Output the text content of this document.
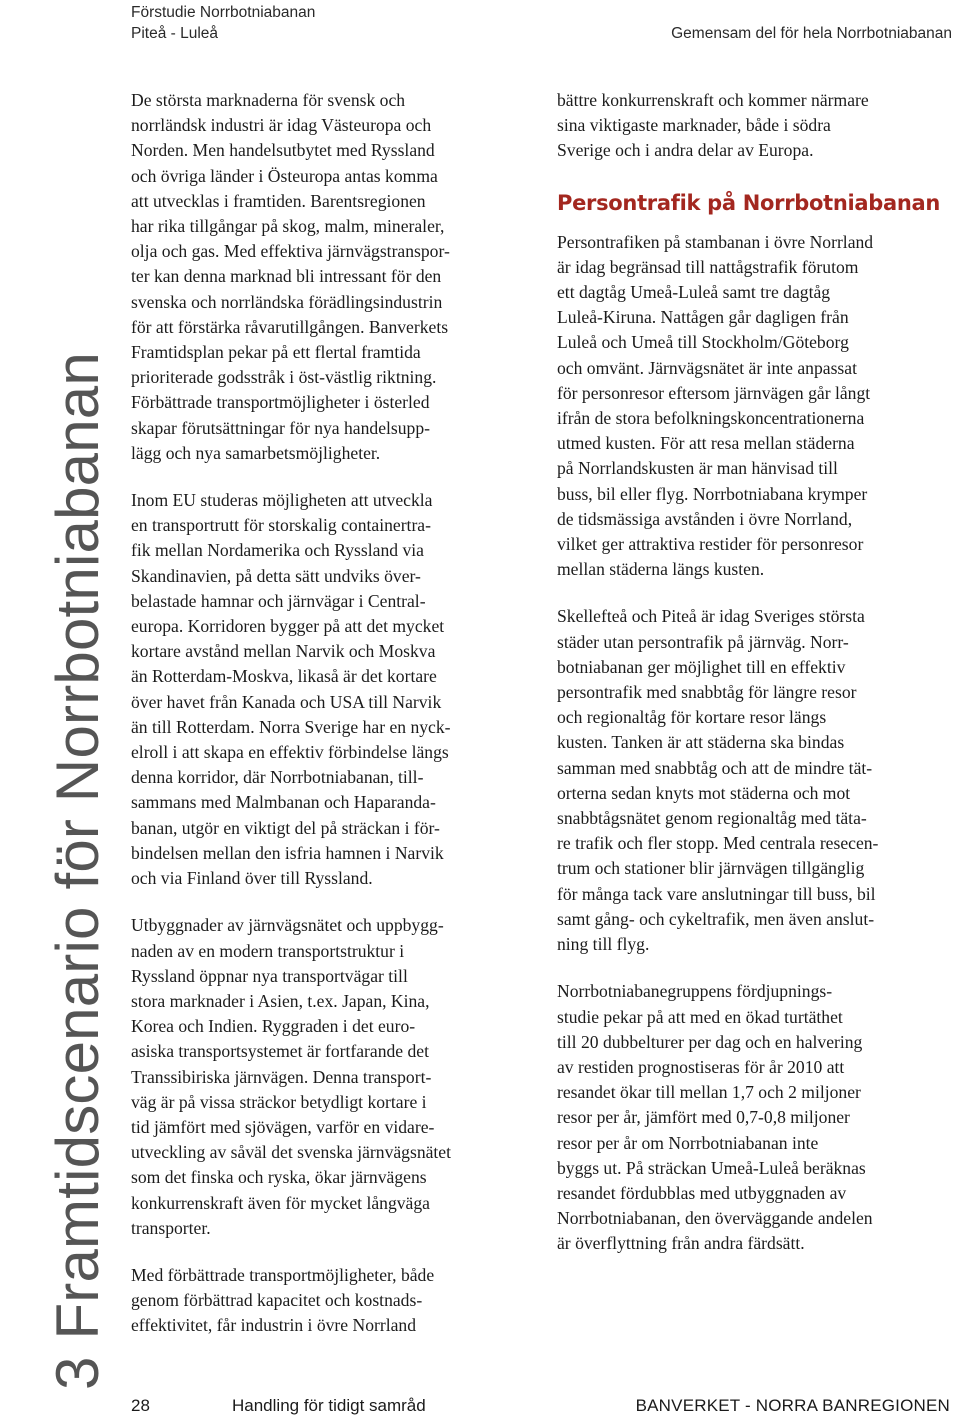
Förstudie Norrbotniabanan
Piteå - Luleå	Gemensam del för hela Norrbotniabanan
3 Framtidscenario för Norrbotniabanan

De största marknaderna för svensk och
norrländsk industri är idag Västeuropa och
Norden. Men handelsutbytet med Ryssland
och övriga länder i Östeuropa antas komma
att utvecklas i framtiden. Barentsregionen
har rika tillgångar på skog, malm, mineraler,
olja och gas. Med effektiva järnvägstranspor-
ter kan denna marknad bli intressant för den
svenska och norrländska förädlingsindustrin
för att förstärka råvarutillgången. Banverkets
Framtidsplan pekar på ett flertal framtida
prioriterade godsstråk i öst-västlig riktning.
Förbättrade transportmöjligheter i österled
skapar förutsättningar för nya handelsupp-
lägg och nya samarbetsmöjligheter.

Inom EU studeras möjligheten att utveckla
en transportrutt för storskalig containertra-
fik mellan Nordamerika och Ryssland via
Skandinavien, på detta sätt undviks över-
belastade hamnar och järnvägar i Central-
europa. Korridoren bygger på att det mycket
kortare avstånd mellan Narvik och Moskva
än Rotterdam-Moskva, likaså är det kortare
över havet från Kanada och USA till Narvik
än till Rotterdam. Norra Sverige har en nyck-
elroll i att skapa en effektiv förbindelse längs
denna korridor, där Norrbotniabanan, till-
sammans med Malmbanan och Haparanda-
banan, utgör en viktigt del på sträckan i för-
bindelsen mellan den isfria hamnen i Narvik
och via Finland över till Ryssland.

Utbyggnader av järnvägsnätet och uppbygg-
naden av en modern transportstruktur i
Ryssland öppnar nya transportvägar till
stora marknader i Asien, t.ex. Japan, Kina,
Korea och Indien. Ryggraden i det euro-
asiska transportsystemet är fortfarande det
Transsibiriska järnvägen. Denna transport-
väg är på vissa sträckor betydligt kortare i
tid jämfört med sjövägen, varför en vidare-
utveckling av såväl det svenska järnvägsnätet
som det finska och ryska, ökar järnvägens
konkurrenskraft även för mycket långväga
transporter.

Med förbättrade transportmöjligheter, både
genom förbättrad kapacitet och kostnads-
effektivitet, får industrin i övre Norrland

bättre konkurrenskraft och kommer närmare
sina viktigaste marknader, både i södra
Sverige och i andra delar av Europa.

Persontrafik på Norrbotniabanan

Persontrafiken på stambanan i övre Norrland
är idag begränsad till nattågstrafik förutom
ett dagtåg Umeå-Luleå samt tre dagtåg
Luleå-Kiruna. Nattågen går dagligen från
Luleå och Umeå till Stockholm/Göteborg
och omvänt. Järnvägsnätet är inte anpassat
för personresor eftersom järnvägen går långt
ifrån de stora befolkningskoncentrationerna
utmed kusten. För att resa mellan städerna
på Norrlandskusten är man hänvisad till
buss, bil eller flyg. Norrbotniabana krymper
de tidsmässiga avstånden i övre Norrland,
vilket ger attraktiva restider för personresor
mellan städerna längs kusten.

Skellefteå och Piteå är idag Sveriges största
städer utan persontrafik på järnväg. Norr-
botniabanan ger möjlighet till en effektiv
persontrafik med snabbtåg för längre resor
och regionaltåg för kortare resor längs
kusten. Tanken är att städerna ska bindas
samman med snabbtåg och att de mindre tät-
orterna sedan knyts mot städerna och mot
snabbtågsnätet genom regionaltåg med täta-
re trafik och fler stopp. Med centrala resecen-
trum och stationer blir järnvägen tillgänglig
för många tack vare anslutningar till buss, bil
samt gång- och cykeltrafik, men även anslut-
ning till flyg.

Norrbotniabanegruppens fördjupnings-
studie pekar på att med en ökad turtäthet
till 20 dubbelturer per dag och en halvering
av restiden prognostiseras för år 2010 att
resandet ökar till mellan 1,7 och 2 miljoner
resor per år, jämfört med 0,7-0,8 miljoner
resor per år om Norrbotniabanan inte
byggs ut. På sträckan Umeå-Luleå beräknas
resandet fördubblas med utbyggnaden av
Norrbotniabanan, den överväggande andelen
är överflyttning från andra färdsätt.

28	Handling för tidigt samråd	BANVERKET - NORRA BANREGIONEN
